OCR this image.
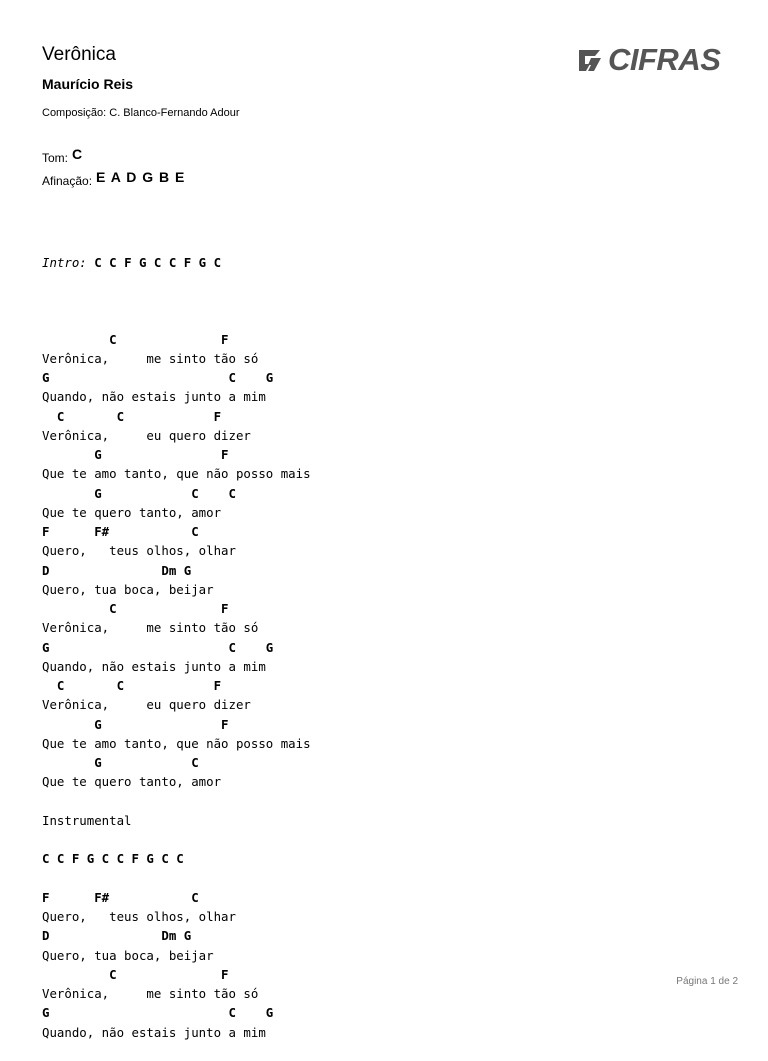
Verônica
Maurício Reis
Composição: C. Blanco-Fernando Adour
Tom: C
Afinação: E A D G B E
CIFRAS

Intro: C C F G C C F G C

C              F
Verônica,     me sinto tão só
G                        C    G
Quando, não estais junto a mim
C       C            F
Verônica,     eu quero dizer
G                F
Que te amo tanto, que não posso mais
G            C    C
Que te quero tanto, amor
F      F#           C
Quero,   teus olhos, olhar
D               Dm G
Quero, tua boca, beijar
C              F
Verônica,     me sinto tão só
G                        C    G
Quando, não estais junto a mim
C       C            F
Verônica,     eu quero dizer
G                F
Que te amo tanto, que não posso mais
G            C
Que te quero tanto, amor
Instrumental
C C F G C C F G C C
F      F#           C
Quero,   teus olhos, olhar
D               Dm G
Quero, tua boca, beijar
C              F
Verônica,     me sinto tão só
G                        C    G
Quando, não estais junto a mim

Página 1 de 2
